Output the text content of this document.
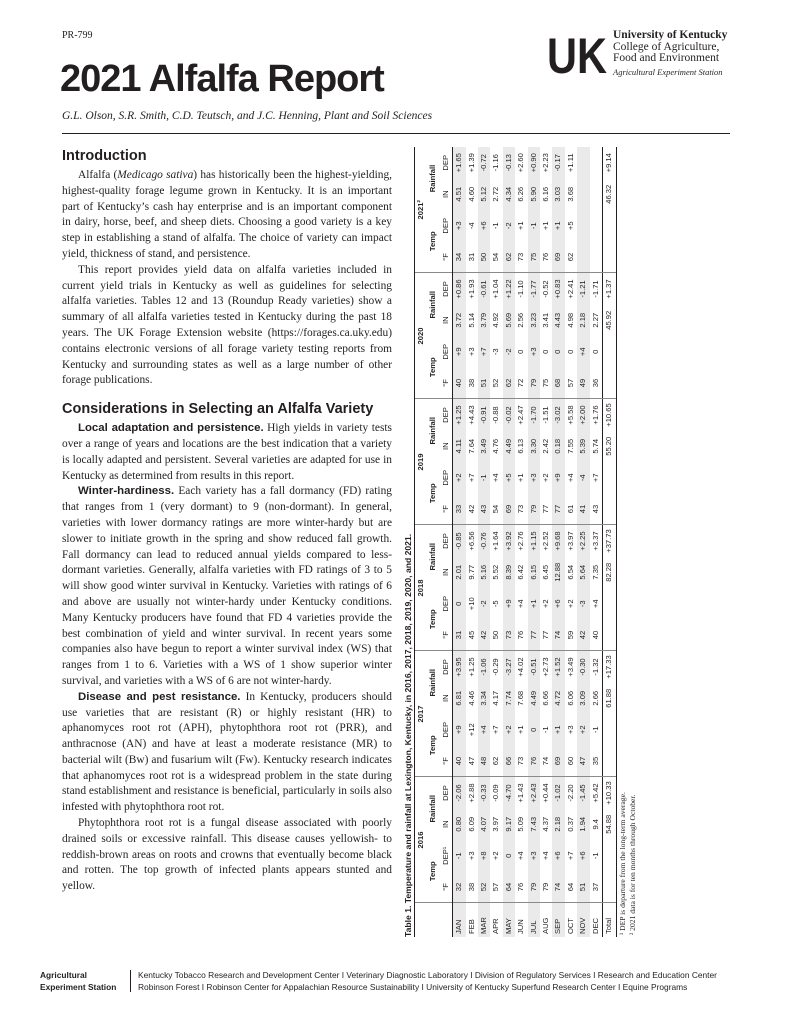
PR-799
2021 Alfalfa Report
G.L. Olson, S.R. Smith, C.D. Teutsch, and J.C. Henning, Plant and Soil Sciences
UK University of Kentucky
College of Agriculture,
Food and Environment
Agricultural Experiment Station
Introduction

Alfalfa (Medicago sativa) has historically been the highest-yielding, highest-quality forage legume grown in Kentucky. It is an important part of Kentucky’s cash hay enterprise and is an important component in dairy, horse, beef, and sheep diets. Choosing a good variety is a key step in establishing a stand of alfalfa. The choice of variety can impact yield, thickness of stand, and persistence.

This report provides yield data on alfalfa varieties included in current yield trials in Kentucky as well as guidelines for selecting alfalfa varieties. Tables 12 and 13 (Roundup Ready varieties) show a summary of all alfalfa varieties tested in Kentucky during the past 18 years. The UK Forage Extension website (https://forages.ca.uky.edu) contains electronic versions of all forage variety testing reports from Kentucky and surrounding states as well as a large number of other forage publications.

Considerations in Selecting an Alfalfa Variety

Local adaptation and persistence. High yields in variety tests over a range of years and locations are the best indication that a variety is locally adapted and persistent. Several varieties are adapted for use in Kentucky as determined from results in this report.

Winter-hardiness. Each variety has a fall dormancy (FD) rating that ranges from 1 (very dormant) to 9 (non-dormant). In general, varieties with lower dormancy ratings are more winter-hardy but are slower to initiate growth in the spring and show reduced fall growth. Fall dormancy can lead to reduced annual yields compared to less-dormant varieties. Generally, alfalfa varieties with FD ratings of 3 to 5 will show good winter survival in Kentucky. Varieties with ratings of 6 and above are usually not winter-hardy under Kentucky conditions. Many Kentucky producers have found that FD 4 varieties provide the best combination of yield and winter survival. In recent years some companies also have begun to report a winter survival index (WS) that ranges from 1 to 6. Varieties with a WS of 1 show superior winter survival, and varieties with a WS of 6 are not winter-hardy.

Disease and pest resistance. In Kentucky, producers should use varieties that are resistant (R) or highly resistant (HR) to aphanomyces root rot (APH), phytophthora root rot (PRR), and anthracnose (AN) and have at least a moderate resistance (MR) to bacterial wilt (Bw) and fusarium wilt (Fw). Kentucky research indicates that aphanomyces root rot is a widespread problem in the state during stand establishment and resistance is beneficial, particularly in soils also infested with phytophthora root rot.

Phytophthora root rot is a fungal disease associated with poorly drained soils or excessive rainfall. This disease causes yellowish- to reddish-brown areas on roots and crowns that eventually become black and rotten. The top growth of infected plants appears stunted and yellow.	Table 1. Temperature and rainfall at Lexington, Kentucky, in 2016, 2017, 2018, 2019, 2020, and 2021.
	2016				2017				2018				2019				2020				2021²			
	Temp		Rainfall		Temp		Rainfall		Temp		Rainfall		Temp		Rainfall		Temp		Rainfall		Temp		Rainfall	
	°F	DEP¹	IN	DEP	°F	DEP	IN	DEP	°F	DEP	IN	DEP	°F	DEP	IN	DEP	°F	DEP	IN	DEP	°F	DEP	IN	DEP
JAN	32	-1	0.80	-2.06	40	+9	6.81	+3.95	31	0	2.01	-0.85	33	+2	4.11	+1.25	40	+9	3.72	+0.86	34	+3	4.51	+1.65
FEB	38	+3	6.09	+2.88	47	+12	4.46	+1.25	45	+10	9.77	+6.56	42	+7	7.64	+4.43	38	+3	5.14	+1.93	31	-4	4.60	+1.39
MAR	52	+8	4.07	-0.33	48	+4	3.34	-1.06	42	-2	5.16	-0.76	43	-1	3.49	-0.91	51	+7	3.79	-0.61	50	+6	5.12	-0.72
APR	57	+2	3.97	-0.09	62	+7	4.17	-0.29	50	-5	5.52	+1.64	54	+4	4.76	-0.88	52	-3	4.92	+1.04	54	-1	2.72	-1.16
MAY	64	0	9.17	-4.70	66	+2	7.74	-3.27	73	+9	8.39	+3.92	69	+5	4.49	-0.02	62	-2	5.69	+1.22	62	-2	4.34	-0.13
JUN	76	+4	5.09	+1.43	73	+1	7.68	+4.02	76	+4	6.42	+2.76	73	+1	6.13	+2.47	72	0	2.56	-1.10	73	+1	6.26	+2.60
JUL	79	+3	7.43	+2.43	76	0	4.49	-0.51	77	+1	6.15	+1.15	79	+3	3.30	-1.70	79	+3	3.23	-1.77	75	-1	5.90	+0.90
AUG	79	+4	4.37	+0.44	74	-1	6.66	+2.73	77	+2	6.45	+2.52	77	+2	2.42	-1.51	75	0	3.41	-0.52	76	+1	6.16	+2.23
SEP	74	+6	2.18	-1.02	69	+1	4.72	+1.52	74	+6	12.88	+9.68	77	+9	0.18	-3.02	68	0	4.43	+0.83	69	+1	3.03	-0.17
OCT	64	+7	0.37	-2.20	60	+3	6.06	+3.49	59	+2	6.54	+3.97	61	+4	7.55	+5.58	57	0	4.98	+2.41	62	+5	3.68	+1.11
NOV	51	+6	1.94	-1.45	47	+2	3.09	-0.30	42	-3	5.64	+2.25	41	-4	5.39	+2.00	49	+4	2.18	-1.21				
DEC	37	-1	9.4	+5.42	35	-1	2.66	-1.32	40	+4	7.35	+3.37	43	+7	5.74	+1.76	36	0	2.27	-1.71				
Total			54.88	+10.33			61.88	+17.33			82.28	+37.73			55.20	+10.65			45.92	+1.37			46.32	+9.14
¹ DEP is departure from the long-term average. ² 2021 data is for ten months through October.
Agricultural
Experiment Station
Kentucky Tobacco Research and Development Center I Veterinary Diagnostic Laboratory I Division of Regulatory Services I Research and Education Center
Robinson Forest I Robinson Center for Appalachian Resource Sustainability I University of Kentucky Superfund Research Center I Equine Programs
